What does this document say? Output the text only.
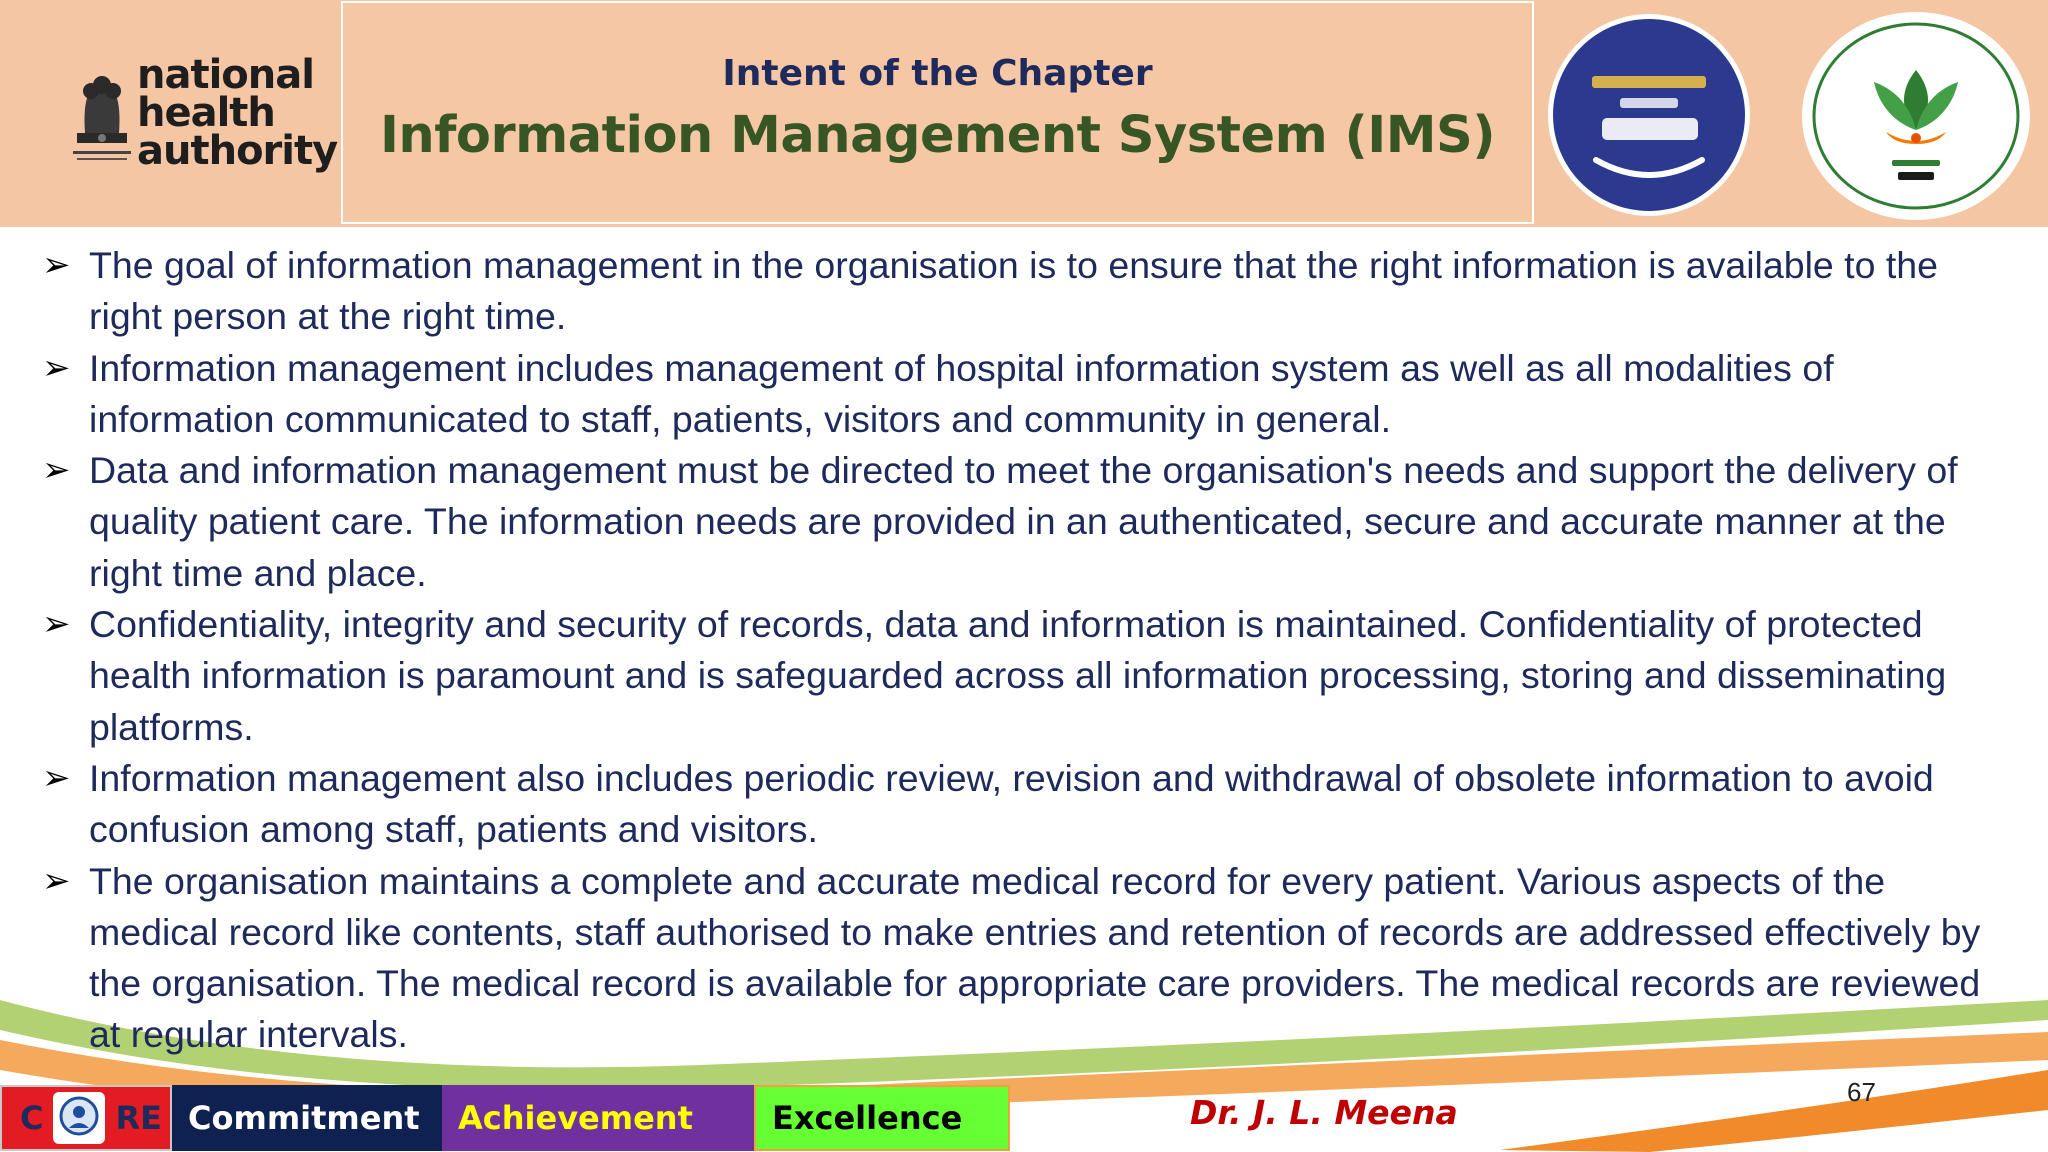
national
health
authority
Intent of the Chapter
Information Management System (IMS)
➢ The goal of information management in the organisation is to ensure that the right information is available to the right person at the right time.
➢ Information management includes management of hospital information system as well as all modalities of information communicated to staff, patients, visitors and community in general.
➢ Data and information management must be directed to meet the organisation's needs and support the delivery of quality patient care. The information needs are provided in an authenticated, secure and accurate manner at the right time and place.
➢ Confidentiality, integrity and security of records, data and information is maintained. Confidentiality of protected health information is paramount and is safeguarded across all information processing, storing and disseminating platforms.
➢ Information management also includes periodic review, revision and withdrawal of obsolete information to avoid confusion among staff, patients and visitors.
➢ The organisation maintains a complete and accurate medical record for every patient. Various aspects of the medical record like contents, staff authorised to make entries and retention of records are addressed effectively by the organisation. The medical record is available for appropriate care providers. The medical records are reviewed at regular intervals.
67
C RE Commitment	Achievement	Excellence	Dr. J. L. Meena
